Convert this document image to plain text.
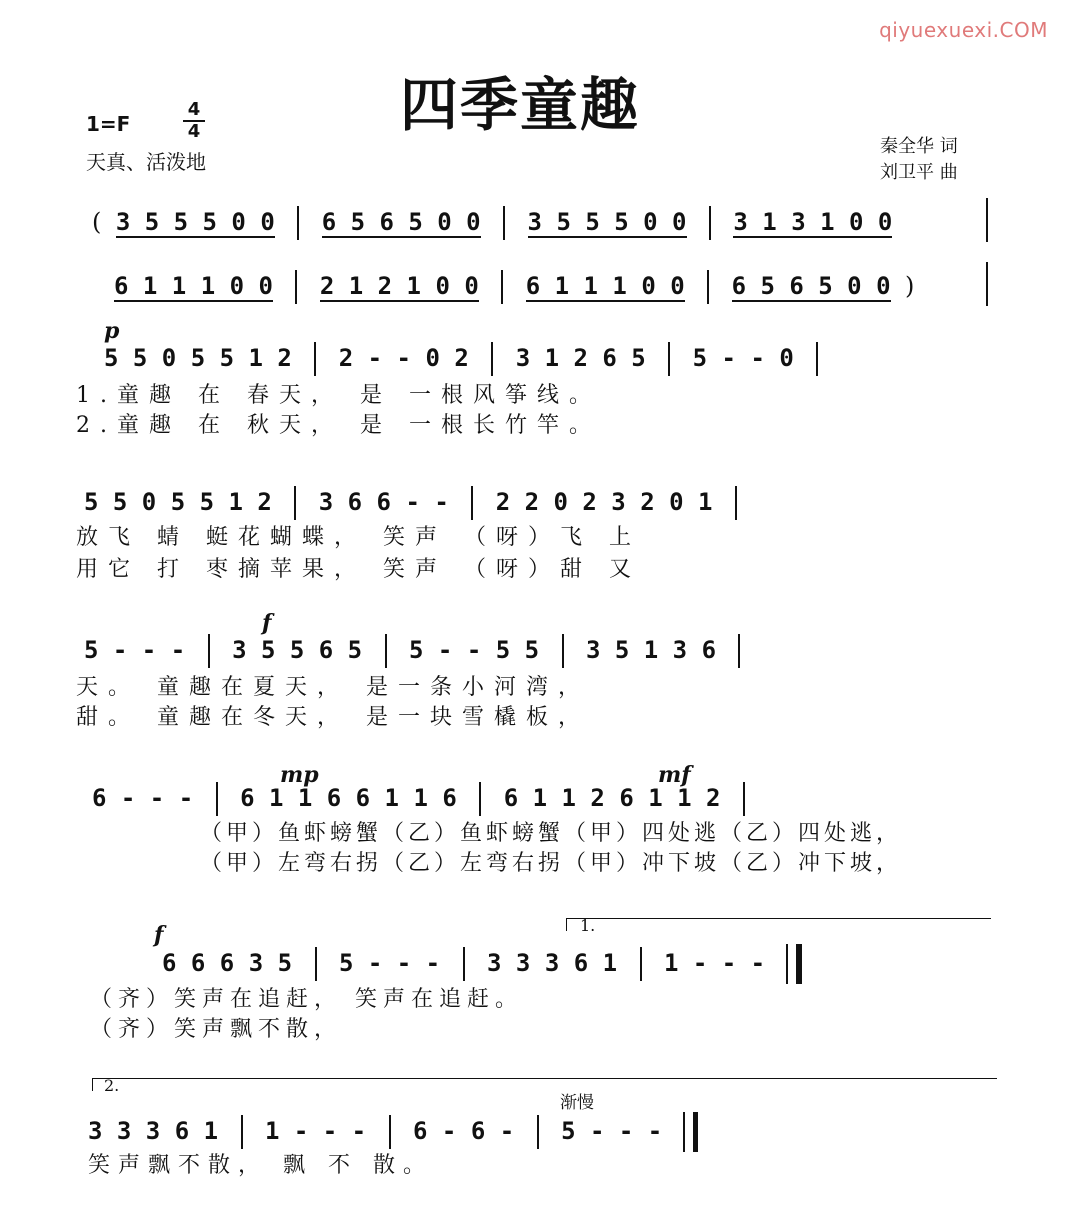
qiyuexuexi.COM
四季童趣
1=F
4
4
天真、活泼地
秦全华 词
刘卫平 曲
( 3 5 5 5 0 0 6 5 6 5 0 0 3 5 5 5 0 0 3 1 3 1 0 0
6 1 1 1 0 0 2 1 2 1 0 0 6 1 1 1 0 0 6 5 6 5 0 0 )
p
5 5 0 5 5 1 2 2 - - 0 2 3 1 2 6 5 5 - - 0
1.童趣 在 春天， 是 一根风筝线。
2.童趣 在 秋天， 是 一根长竹竿。
5 5 0 5 5 1 2 3 6 6 - - 2 2 0 2 3 2 0 1
放飞 蜻 蜓花蝴蝶， 笑声 （呀）飞 上
用它 打 枣摘苹果， 笑声 （呀）甜 又
f
5 - - - 3 5 5 6 5 5 - - 5 5 3 5 1 3 6
天。 童趣在夏天， 是一条小河湾，
甜。 童趣在冬天， 是一块雪橇板，
mp	mf
6 - - - 6 1 1 6 6 1 1 6 6 1 1 2 6 1 1 2
（甲）鱼虾螃蟹（乙）鱼虾螃蟹（甲）四处逃（乙）四处逃，
（甲）左弯右拐（乙）左弯右拐（甲）冲下坡（乙）冲下坡，
f	1.
6 6 6 3 5 5 - - - 3 3 3 6 1 1 - - -
（齐）笑声在追赶， 笑声在追赶。
（齐）笑声飘不散，
2.
渐慢
3 3 3 6 1 1 - - - 6 - 6 - 5 - - -
笑声飘不散， 飘 不 散。
